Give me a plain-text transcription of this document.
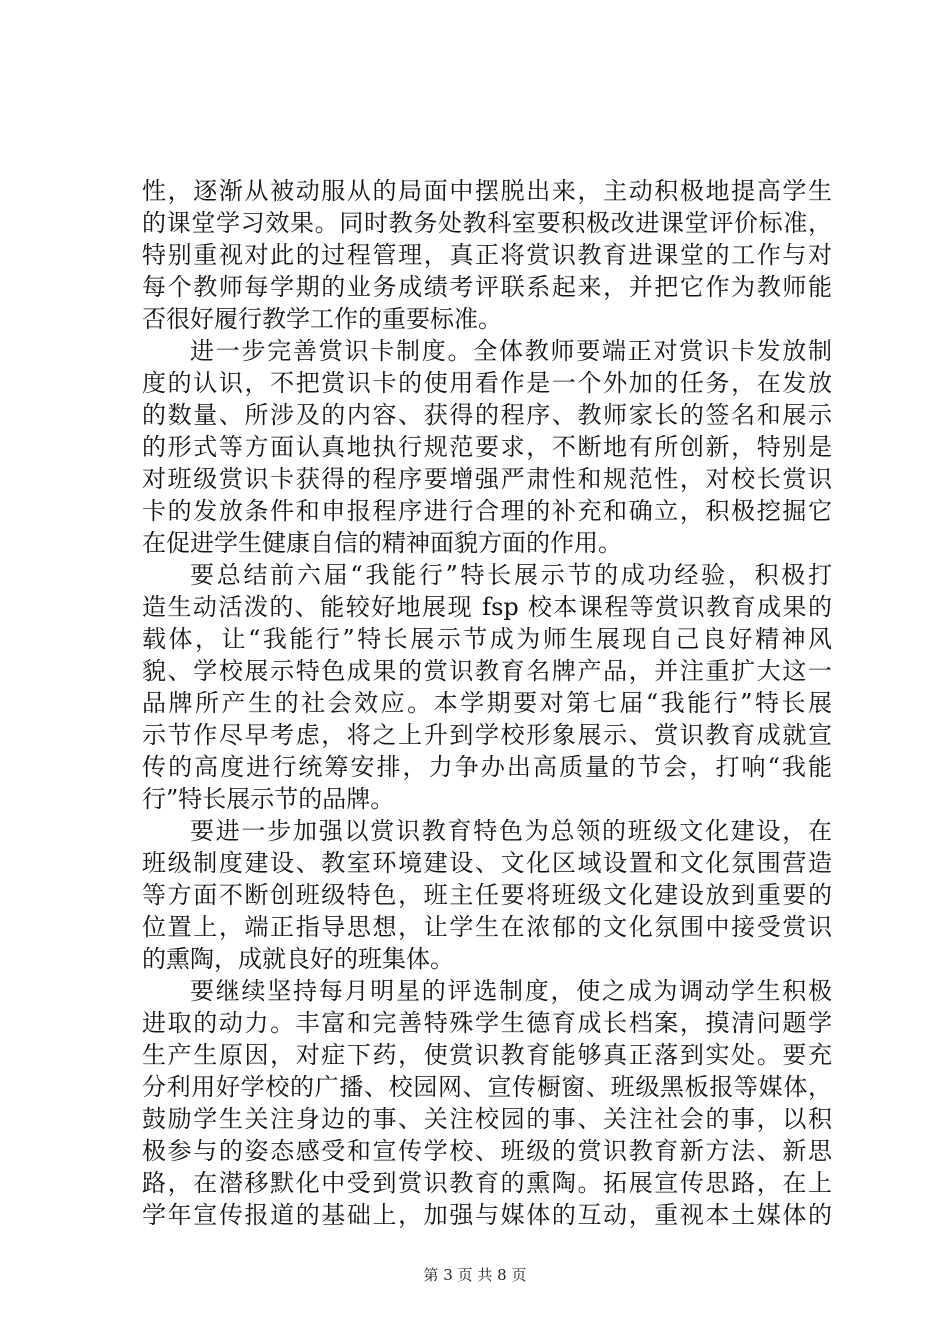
性，逐渐从被动服从的局面中摆脱出来，主动积极地提高学生
的课堂学习效果。同时教务处教科室要积极改进课堂评价标准，
特别重视对此的过程管理，真正将赏识教育进课堂的工作与对
每个教师每学期的业务成绩考评联系起来，并把它作为教师能
否很好履行教学工作的重要标准。
进一步完善赏识卡制度。全体教师要端正对赏识卡发放制
度的认识，不把赏识卡的使用看作是一个外加的任务，在发放
的数量、所涉及的内容、获得的程序、教师家长的签名和展示
的形式等方面认真地执行规范要求，不断地有所创新，特别是
对班级赏识卡获得的程序要增强严肃性和规范性，对校长赏识
卡的发放条件和申报程序进行合理的补充和确立，积极挖掘它
在促进学生健康自信的精神面貌方面的作用。
要总结前六届“我能行”特长展示节的成功经验，积极打
造生动活泼的、能较好地展现 fsp 校本课程等赏识教育成果的
载体，让“我能行”特长展示节成为师生展现自己良好精神风
貌、学校展示特色成果的赏识教育名牌产品，并注重扩大这一
品牌所产生的社会效应。本学期要对第七届“我能行”特长展
示节作尽早考虑，将之上升到学校形象展示、赏识教育成就宣
传的高度进行统筹安排，力争办出高质量的节会，打响“我能
行”特长展示节的品牌。
要进一步加强以赏识教育特色为总领的班级文化建设，在
班级制度建设、教室环境建设、文化区域设置和文化氛围营造
等方面不断创班级特色，班主任要将班级文化建设放到重要的
位置上，端正指导思想，让学生在浓郁的文化氛围中接受赏识
的熏陶，成就良好的班集体。
要继续坚持每月明星的评选制度，使之成为调动学生积极
进取的动力。丰富和完善特殊学生德育成长档案，摸清问题学
生产生原因，对症下药，使赏识教育能够真正落到实处。要充
分利用好学校的广播、校园网、宣传橱窗、班级黑板报等媒体，
鼓励学生关注身边的事、关注校园的事、关注社会的事，以积
极参与的姿态感受和宣传学校、班级的赏识教育新方法、新思
路，在潜移默化中受到赏识教育的熏陶。拓展宣传思路，在上
学年宣传报道的基础上，加强与媒体的互动，重视本土媒体的
第 3 页 共 8 页
